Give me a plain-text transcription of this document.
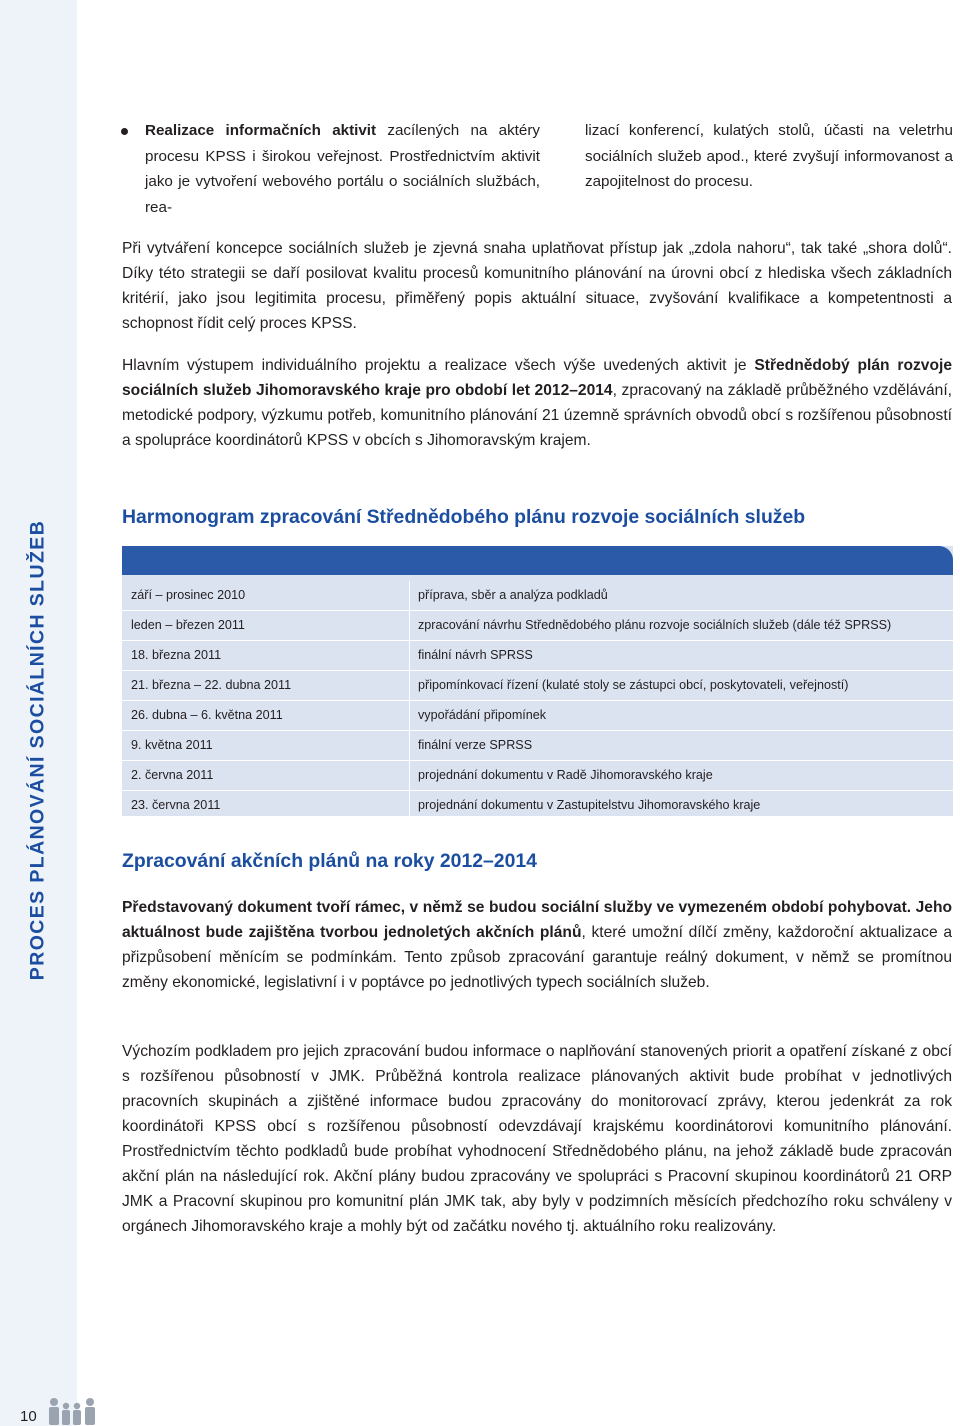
PROCES PLÁNOVÁNÍ SOCIÁLNÍCH SLUŽEB
10
Realizace informačních aktivit zacílených na aktéry procesu KPSS i širokou veřejnost. Prostřednictvím aktivit jako je vytvoření webového portálu o sociálních službách, rea-
lizací konferencí, kulatých stolů, účasti na veletrhu sociálních služeb apod., které zvyšují informovanost a zapojitelnost do procesu.
Při vytváření koncepce sociálních služeb je zjevná snaha uplatňovat přístup jak „zdola nahoru“, tak také „shora dolů“. Díky této strategii se daří posilovat kvalitu procesů komunitního plánování na úrovni obcí z hlediska všech základních kritérií, jako jsou legitimita procesu, přiměřený popis aktuální situace, zvyšování kvalifikace a kompetentnosti a schopnost řídit celý proces KPSS.
Hlavním výstupem individuálního projektu a realizace všech výše uvedených aktivit je Střednědobý plán rozvoje sociálních služeb Jihomoravského kraje pro období let 2012–2014, zpracovaný na základě průběžného vzdělávání, metodické podpory, výzkumu potřeb, komunitního plánování 21 územně správních obvodů obcí s rozšířenou působností a spolupráce koordinátorů KPSS v obcích s Jihomoravským krajem.
Harmonogram zpracování Střednědobého plánu rozvoje sociálních služeb
září – prosinec 2010	příprava, sběr a analýza podkladů
leden – březen 2011	zpracování návrhu Střednědobého plánu rozvoje sociálních služeb (dále též SPRSS)
18. března 2011	finální návrh SPRSS
21. března – 22. dubna 2011	připomínkovací řízení (kulaté stoly se zástupci obcí, poskytovateli, veřejností)
26. dubna – 6. května 2011	vypořádání připomínek
9. května 2011	finální verze SPRSS
2. června 2011	projednání dokumentu v Radě Jihomoravského kraje
23. června 2011	projednání dokumentu v Zastupitelstvu Jihomoravského kraje
Zpracování akčních plánů na roky 2012–2014
Představovaný dokument tvoří rámec, v němž se budou sociální služby ve vymezeném období pohybovat. Jeho aktuálnost bude zajištěna tvorbou jednoletých akčních plánů, které umožní dílčí změny, každoroční aktualizace a přizpůsobení měnícím se podmínkám. Tento způsob zpracování garantuje reálný dokument, v němž se promítnou změny ekonomické, legislativní i v poptávce po jednotlivých typech sociálních služeb.
Výchozím podkladem pro jejich zpracování budou informace o naplňování stanovených priorit a opatření získané z obcí s rozšířenou působností v JMK. Průběžná kontrola realizace plánovaných aktivit bude probíhat v jednotlivých pracovních skupinách a zjištěné informace budou zpracovány do monitorovací zprávy, kterou jedenkrát za rok koordinátoři KPSS obcí s rozšířenou působností odevzdávají krajskému koordinátorovi komunitního plánování. Prostřednictvím těchto podkladů bude probíhat vyhodnocení Střednědobého plánu, na jehož základě bude zpracován akční plán na následující rok. Akční plány budou zpracovány ve spolupráci s Pracovní skupinou koordinátorů 21 ORP JMK a Pracovní skupinou pro komunitní plán JMK tak, aby byly v podzimních měsících předchozího roku schváleny v orgánech Jihomoravského kraje a mohly být od začátku nového tj. aktuálního roku realizovány.
